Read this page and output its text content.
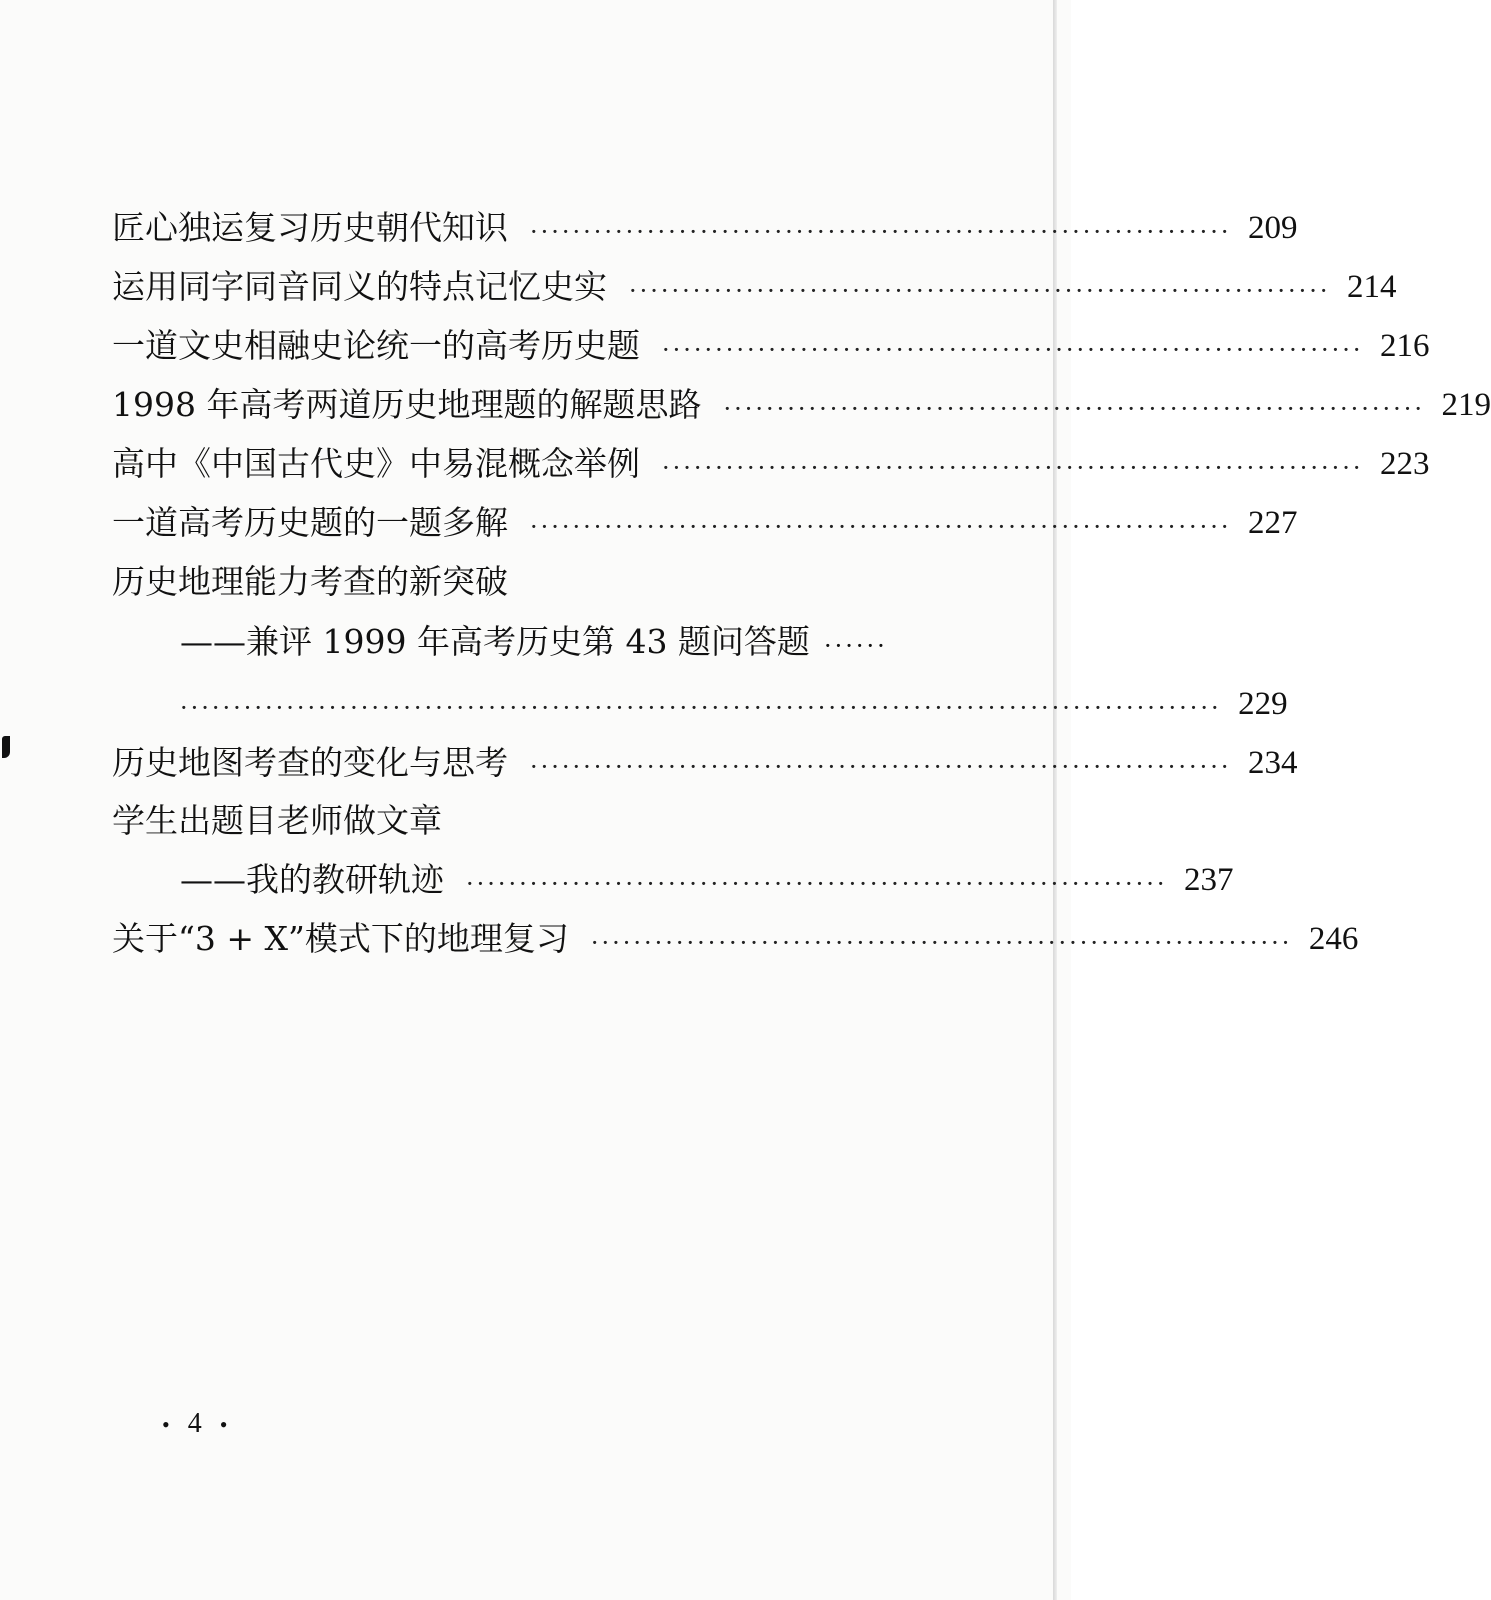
匠心独运复习历史朝代知识 ·································································· 209
运用同字同音同义的特点记忆史实 ·································································· 214
一道文史相融史论统一的高考历史题 ·································································· 216
1998 年高考两道历史地理题的解题思路 ·································································· 219
高中《中国古代史》中易混概念举例 ·································································· 223
一道高考历史题的一题多解 ·································································· 227
历史地理能力考查的新突破
——兼评 1999 年高考历史第 43 题问答题 ······
·································································································· 229
历史地图考查的变化与思考 ·································································· 234
学生出题目老师做文章
——我的教研轨迹 ·································································· 237
关于“3 + X”模式下的地理复习 ·································································· 246
• 4 •
